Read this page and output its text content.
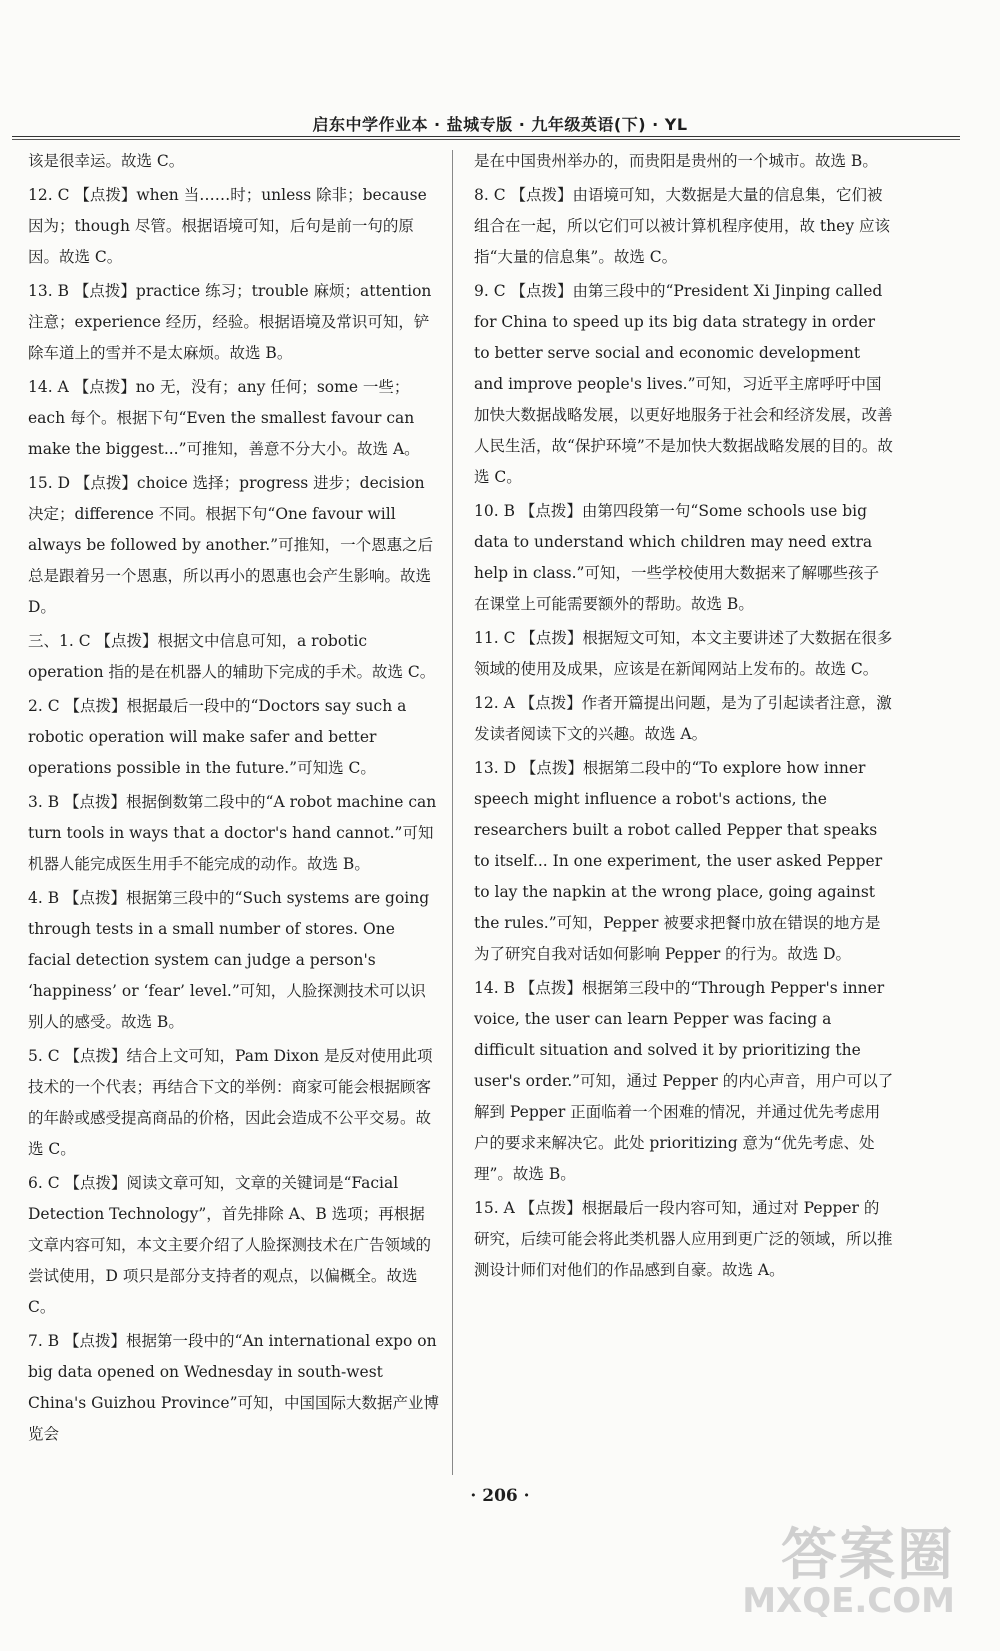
启东中学作业本 · 盐城专版 · 九年级英语(下) · YL

该是很幸运。故选 C。

12. C 【点拨】when 当……时；unless 除非；because 因为；though 尽管。根据语境可知，后句是前一句的原因。故选 C。

13. B 【点拨】practice 练习；trouble 麻烦；attention 注意；experience 经历，经验。根据语境及常识可知，铲除车道上的雪并不是太麻烦。故选 B。

14. A 【点拨】no 无，没有；any 任何；some 一些；each 每个。根据下句“Even the smallest favour can make the biggest...”可推知，善意不分大小。故选 A。

15. D 【点拨】choice 选择；progress 进步；decision 决定；difference 不同。根据下句“One favour will always be followed by another.”可推知，一个恩惠之后总是跟着另一个恩惠，所以再小的恩惠也会产生影响。故选 D。

三、1. C 【点拨】根据文中信息可知，a robotic operation 指的是在机器人的辅助下完成的手术。故选 C。

2. C 【点拨】根据最后一段中的“Doctors say such a robotic operation will make safer and better operations possible in the future.”可知选 C。

3. B 【点拨】根据倒数第二段中的“A robot machine can turn tools in ways that a doctor's hand cannot.”可知机器人能完成医生用手不能完成的动作。故选 B。

4. B 【点拨】根据第三段中的“Such systems are going through tests in a small number of stores. One facial detection system can judge a person's ‘happiness’ or ‘fear’ level.”可知，人脸探测技术可以识别人的感受。故选 B。

5. C 【点拨】结合上文可知，Pam Dixon 是反对使用此项技术的一个代表；再结合下文的举例：商家可能会根据顾客的年龄或感受提高商品的价格，因此会造成不公平交易。故选 C。

6. C 【点拨】阅读文章可知，文章的关键词是“Facial Detection Technology”，首先排除 A、B 选项；再根据文章内容可知，本文主要介绍了人脸探测技术在广告领域的尝试使用，D 项只是部分支持者的观点，以偏概全。故选 C。

7. B 【点拨】根据第一段中的“An international expo on big data opened on Wednesday in south-west China's Guizhou Province”可知，中国国际大数据产业博览会

是在中国贵州举办的，而贵阳是贵州的一个城市。故选 B。

8. C 【点拨】由语境可知，大数据是大量的信息集，它们被组合在一起，所以它们可以被计算机程序使用，故 they 应该指“大量的信息集”。故选 C。

9. C 【点拨】由第三段中的“President Xi Jinping called for China to speed up its big data strategy in order to better serve social and economic development and improve people's lives.”可知，习近平主席呼吁中国加快大数据战略发展，以更好地服务于社会和经济发展，改善人民生活，故“保护环境”不是加快大数据战略发展的目的。故选 C。

10. B 【点拨】由第四段第一句“Some schools use big data to understand which children may need extra help in class.”可知，一些学校使用大数据来了解哪些孩子在课堂上可能需要额外的帮助。故选 B。

11. C 【点拨】根据短文可知，本文主要讲述了大数据在很多领域的使用及成果，应该是在新闻网站上发布的。故选 C。

12. A 【点拨】作者开篇提出问题，是为了引起读者注意，激发读者阅读下文的兴趣。故选 A。

13. D 【点拨】根据第二段中的“To explore how inner speech might influence a robot's actions, the researchers built a robot called Pepper that speaks to itself... In one experiment, the user asked Pepper to lay the napkin at the wrong place, going against the rules.”可知，Pepper 被要求把餐巾放在错误的地方是为了研究自我对话如何影响 Pepper 的行为。故选 D。

14. B 【点拨】根据第三段中的“Through Pepper's inner voice, the user can learn Pepper was facing a difficult situation and solved it by prioritizing the user's order.”可知，通过 Pepper 的内心声音，用户可以了解到 Pepper 正面临着一个困难的情况，并通过优先考虑用户的要求来解决它。此处 prioritizing 意为“优先考虑、处理”。故选 B。

15. A 【点拨】根据最后一段内容可知，通过对 Pepper 的研究，后续可能会将此类机器人应用到更广泛的领域，所以推测设计师们对他们的作品感到自豪。故选 A。

· 206 ·
答案圈
MXQE.COM
